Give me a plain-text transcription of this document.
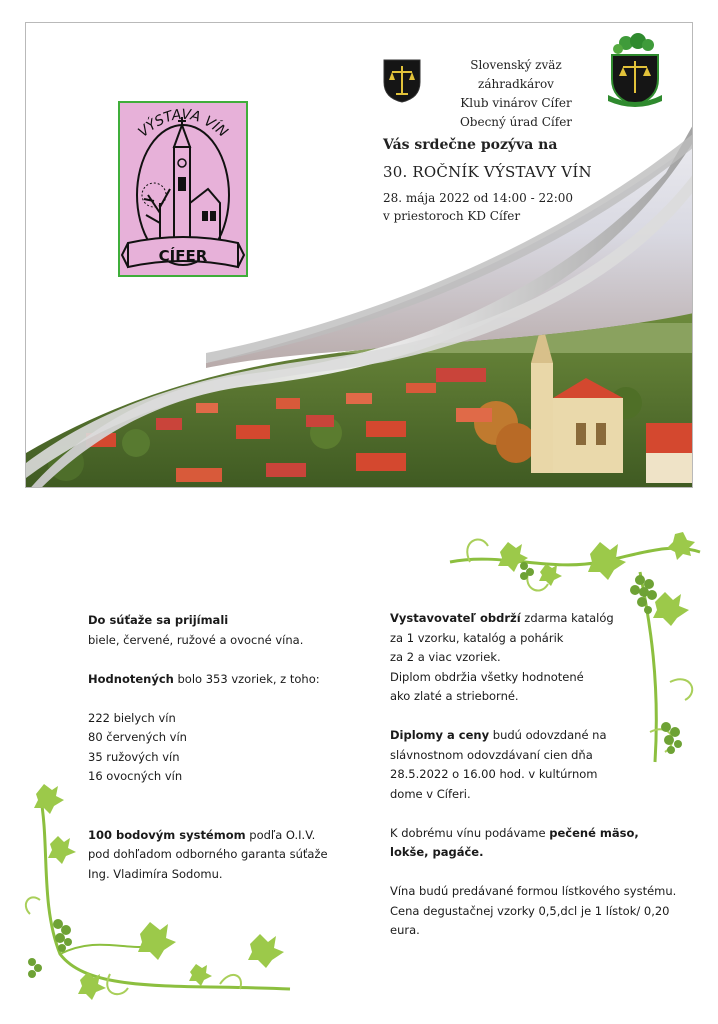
VÝSTAVA VÍN
CÍFER
Slovenský zväz záhradkárov
Klub vinárov Cífer
Obecný úrad Cífer
Vás srdečne pozýva na
30. ROČNÍK VÝSTAVY VÍN
28. mája 2022 od 14:00 - 22:00
v priestoroch KD Cífer

Do súťaže sa prijímali

biele, červené, ružové a ovocné vína.

Hodnotených bolo 353 vzoriek, z toho:

222 bielych vín

80 červených vín

35 ružových vín

16 ovocných vín

100 bodovým systémom podľa O.I.V.

pod dohľadom odborného garanta súťaže

Ing. Vladimíra Sodomu.

Vystavovateľ obdrží zdarma katalóg

za 1 vzorku, katalóg a pohárik

za 2 a viac vzoriek.

Diplom obdržia všetky hodnotené

ako zlaté a strieborné.

Diplomy a ceny budú odovzdané na

slávnostnom odovzdávaní cien dňa

28.5.2022 o 16.00 hod. v kultúrnom

dome v Cíferi.

K dobrému vínu podávame pečené mäso,

lokše, pagáče.

Vína budú predávané formou lístkového systému.

Cena degustačnej vzorky 0,5,dcl je 1 lístok/ 0,20 eura.
